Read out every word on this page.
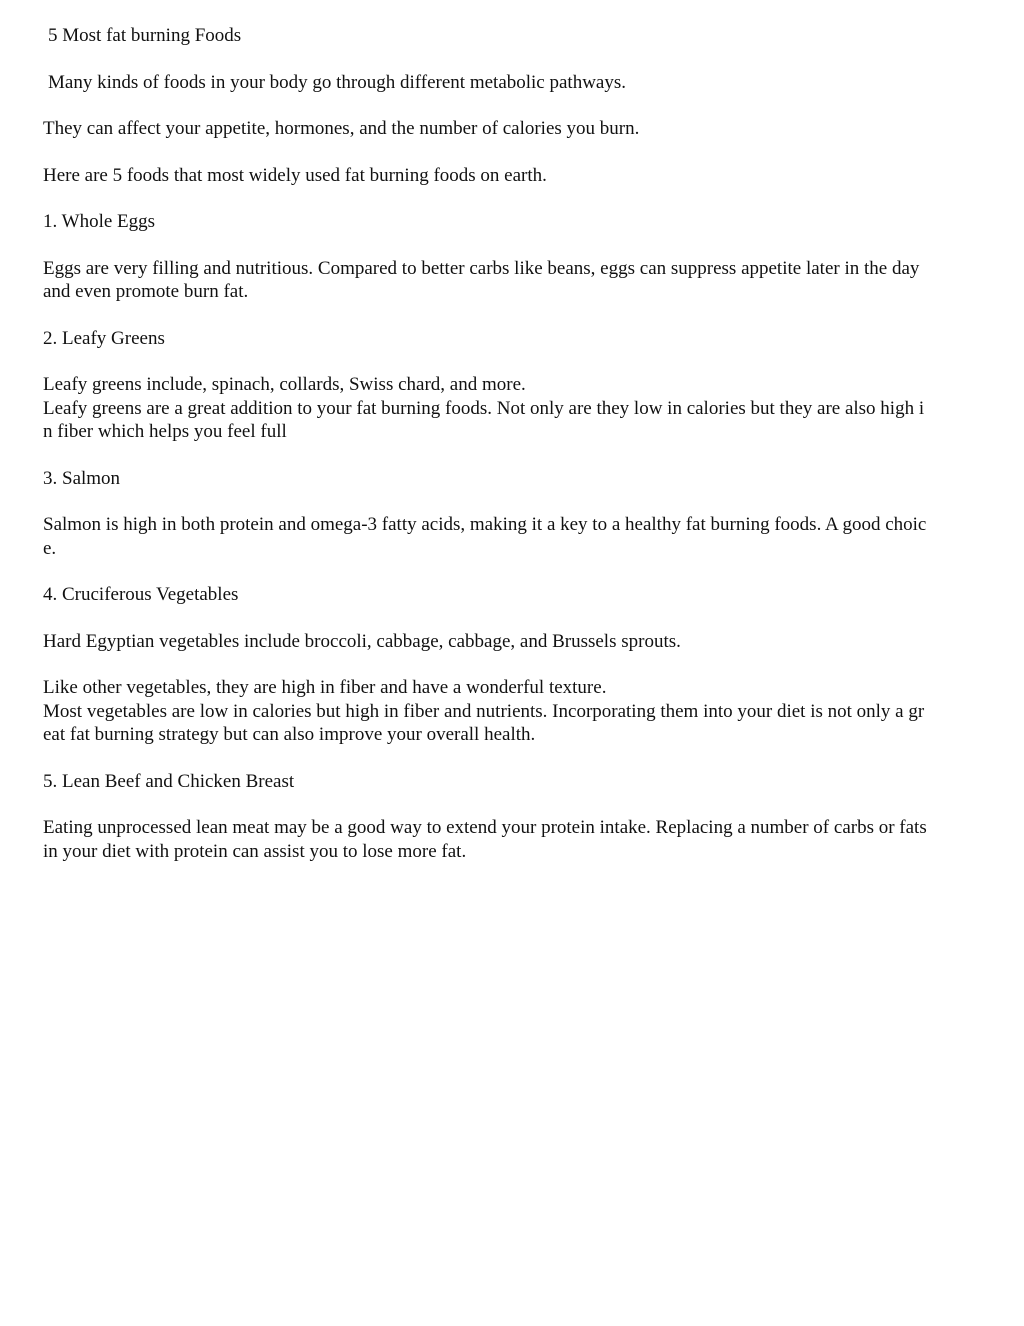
5 Most fat burning Foods

Many kinds of foods in your body go through different metabolic pathways.

They can affect your appetite, hormones, and the number of calories you burn.

Here are 5 foods that most widely used fat burning foods on earth.

1. Whole Eggs

Eggs are very filling and nutritious. Compared to better carbs like beans, eggs can suppress appetite later in the day

and even promote burn fat.

2. Leafy Greens

Leafy greens include, spinach, collards, Swiss chard, and more.

Leafy greens are a great addition to your fat burning foods. Not only are they low in calories but they are also high i

n fiber which helps you feel full

3. Salmon

Salmon is high in both protein and omega-3 fatty acids, making it a key to a healthy fat burning foods. A good choic

e.

4. Cruciferous Vegetables

Hard Egyptian vegetables include broccoli, cabbage, cabbage, and Brussels sprouts.

Like other vegetables, they are high in fiber and have a wonderful texture.

Most vegetables are low in calories but high in fiber and nutrients. Incorporating them into your diet is not only a gr

eat fat burning strategy but can also improve your overall health.

5. Lean Beef and Chicken Breast

Eating unprocessed lean meat may be a good way to extend your protein intake. Replacing a number of carbs or fats

in your diet with protein can assist you to lose more fat.
